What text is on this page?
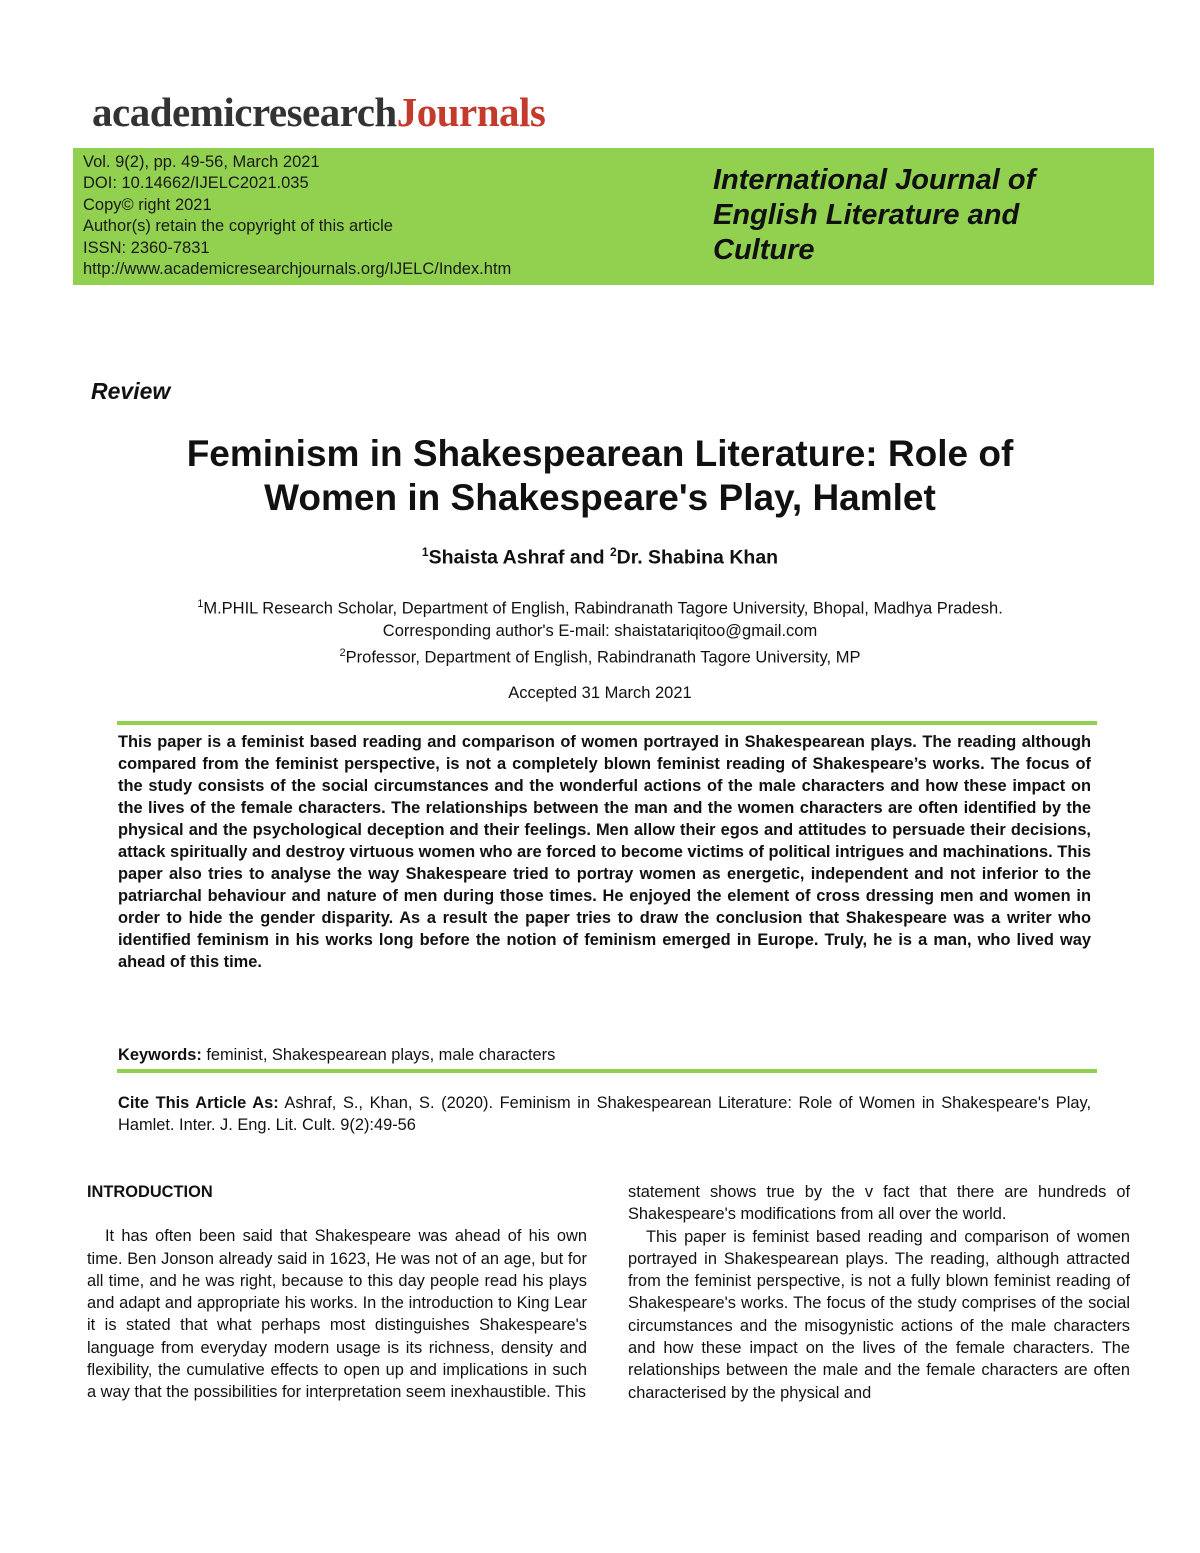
academicresearchJournals
Vol. 9(2), pp. 49-56, March 2021
DOI: 10.14662/IJELC2021.035
Copy© right 2021
Author(s) retain the copyright of this article
ISSN: 2360-7831
http://www.academicresearchjournals.org/IJELC/Index.htm
International Journal of
English Literature and
Culture
Review
Feminism in Shakespearean Literature: Role of
Women in Shakespeare's Play, Hamlet
$^1$Shaista Ashraf and $^2$Dr. Shabina Khan
$^1$M.PHIL Research Scholar, Department of English, Rabindranath Tagore University, Bhopal, Madhya Pradesh.
Corresponding author's E-mail: shaistatariqitoo@gmail.com
$^2$Professor, Department of English, Rabindranath Tagore University, MP
Accepted 31 March 2021
This paper is a feminist based reading and comparison of women portrayed in Shakespearean plays. The reading although compared from the feminist perspective, is not a completely blown feminist reading of Shakespeare’s works. The focus of the study consists of the social circumstances and the wonderful actions of the male characters and how these impact on the lives of the female characters. The relationships between the man and the women characters are often identified by the physical and the psychological deception and their feelings. Men allow their egos and attitudes to persuade their decisions, attack spiritually and destroy virtuous women who are forced to become victims of political intrigues and machinations. This paper also tries to analyse the way Shakespeare tried to portray women as energetic, independent and not inferior to the patriarchal behaviour and nature of men during those times. He enjoyed the element of cross dressing men and women in order to hide the gender disparity. As a result the paper tries to draw the conclusion that Shakespeare was a writer who identified feminism in his works long before the notion of feminism emerged in Europe. Truly, he is a man, who lived way ahead of this time.
Keywords: feminist, Shakespearean plays, male characters
Cite This Article As: Ashraf, S., Khan, S. (2020). Feminism in Shakespearean Literature: Role of Women in Shakespeare's Play, Hamlet. Inter. J. Eng. Lit. Cult. 9(2):49-56
INTRODUCTION
It has often been said that Shakespeare was ahead of his own time. Ben Jonson already said in 1623, He was not of an age, but for all time, and he was right, because to this day people read his plays and adapt and appropriate his works. In the introduction to King Lear it is stated that what perhaps most distinguishes Shakespeare's language from everyday modern usage is its richness, density and flexibility, the cumulative effects to open up and implications in such a way that the possibilities for interpretation seem inexhaustible. This
statement shows true by the v fact that there are hundreds of Shakespeare's modifications from all over the world.
This paper is feminist based reading and comparison of women portrayed in Shakespearean plays. The reading, although attracted from the feminist perspective, is not a fully blown feminist reading of Shakespeare's works. The focus of the study comprises of the social circumstances and the misogynistic actions of the male characters and how these impact on the lives of the female characters. The relationships between the male and the female characters are often characterised by the physical and
